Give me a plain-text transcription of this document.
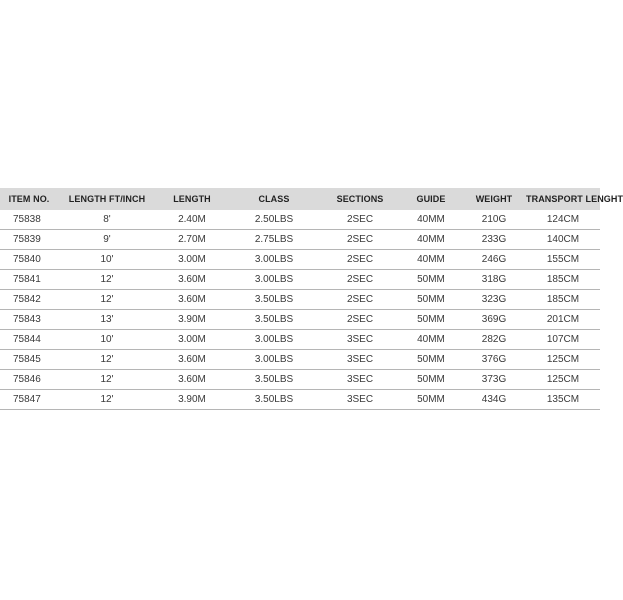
ITEM NO.	LENGTH FT/INCH	LENGTH	CLASS	SECTIONS	GUIDE	WEIGHT	TRANSPORT LENGHT
75838	8'	2.40M	2.50LBS	2SEC	40MM	210G	124CM
75839	9'	2.70M	2.75LBS	2SEC	40MM	233G	140CM
75840	10'	3.00M	3.00LBS	2SEC	40MM	246G	155CM
75841	12'	3.60M	3.00LBS	2SEC	50MM	318G	185CM
75842	12'	3.60M	3.50LBS	2SEC	50MM	323G	185CM
75843	13'	3.90M	3.50LBS	2SEC	50MM	369G	201CM
75844	10'	3.00M	3.00LBS	3SEC	40MM	282G	107CM
75845	12'	3.60M	3.00LBS	3SEC	50MM	376G	125CM
75846	12'	3.60M	3.50LBS	3SEC	50MM	373G	125CM
75847	12'	3.90M	3.50LBS	3SEC	50MM	434G	135CM
